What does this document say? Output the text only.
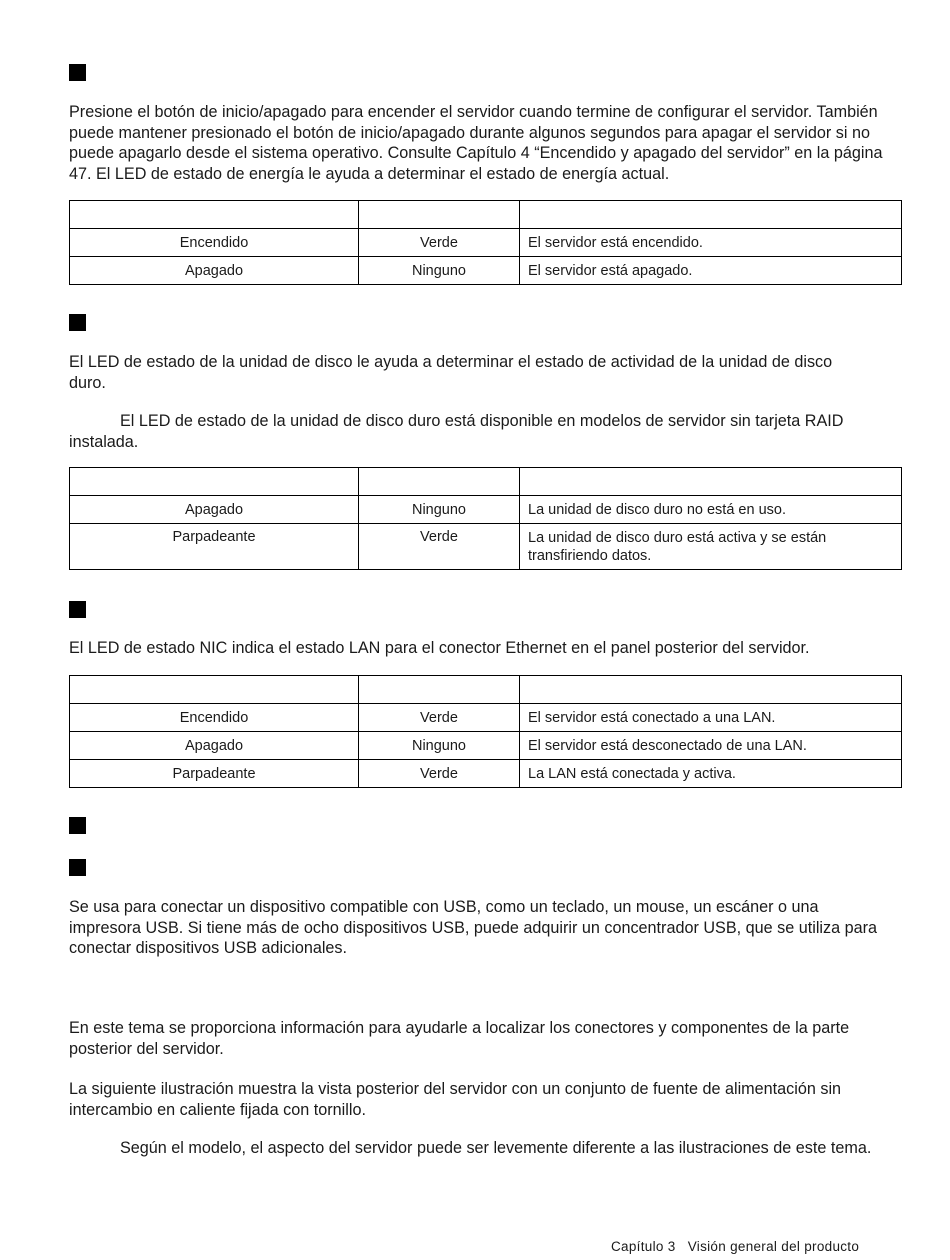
Presione el botón de inicio/apagado para encender el servidor cuando termine de configurar el servidor. También puede mantener presionado el botón de inicio/apagado durante algunos segundos para apagar el servidor si no puede apagarlo desde el sistema operativo. Consulte Capítulo 4 “Encendido y apagado del servidor” en la página 47. El LED de estado de energía le ayuda a determinar el estado de energía actual.

Encendido	Verde	El servidor está encendido.
Apagado	Ninguno	El servidor está apagado.

El LED de estado de la unidad de disco le ayuda a determinar el estado de actividad de la unidad de disco duro.

El LED de estado de la unidad de disco duro está disponible en modelos de servidor sin tarjeta RAID instalada.

Apagado	Ninguno	La unidad de disco duro no está en uso.
Parpadeante	Verde	La unidad de disco duro está activa y se están transfiriendo datos.

El LED de estado NIC indica el estado LAN para el conector Ethernet en el panel posterior del servidor.

Encendido	Verde	El servidor está conectado a una LAN.
Apagado	Ninguno	El servidor está desconectado de una LAN.
Parpadeante	Verde	La LAN está conectada y activa.

Se usa para conectar un dispositivo compatible con USB, como un teclado, un mouse, un escáner o una impresora USB. Si tiene más de ocho dispositivos USB, puede adquirir un concentrador USB, que se utiliza para conectar dispositivos USB adicionales.

En este tema se proporciona información para ayudarle a localizar los conectores y componentes de la parte posterior del servidor.

La siguiente ilustración muestra la vista posterior del servidor con un conjunto de fuente de alimentación sin intercambio en caliente fijada con tornillo.

Según el modelo, el aspecto del servidor puede ser levemente diferente a las ilustraciones de este tema.

Capítulo 3 Visión general del producto
